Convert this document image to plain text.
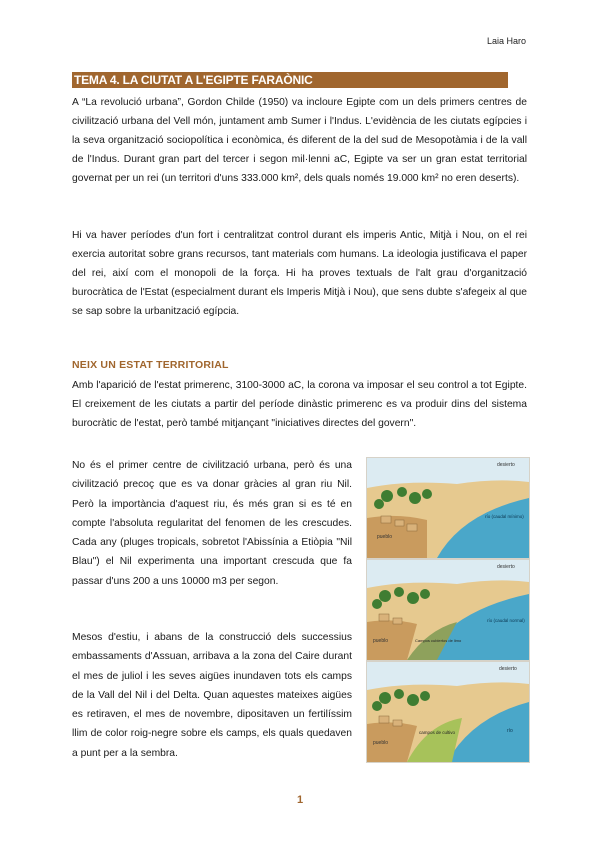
Laia Haro
TEMA 4. LA CIUTAT A L'EGIPTE FARAÒNIC

A “La revolució urbana”, Gordon Childe (1950) va incloure Egipte com un dels primers centres de civilització urbana del Vell món, juntament amb Sumer i l'Indus. L'evidència de les ciutats egípcies i la seva organització sociopolítica i econòmica, és diferent de la del sud de Mesopotàmia i de la vall de l'Indus. Durant gran part del tercer i segon mil·lenni aC, Egipte va ser un gran estat territorial governat per un rei (un territori d'uns 333.000 km², dels quals només 19.000 km² no eren deserts).

Hi va haver períodes d'un fort i centralitzat control durant els imperis Antic, Mitjà i Nou, on el rei exercia autoritat sobre grans recursos, tant materials com humans. La ideologia justificava el paper del rei, així com el monopoli de la força. Hi ha proves textuals de l'alt grau d'organització burocràtica de l'Estat (especialment durant els Imperis Mitjà i Nou), que sens dubte s'afegeix al que se sap sobre la urbanització egípcia.

NEIX UN ESTAT TERRITORIAL

Amb l'aparició de l'estat primerenc, 3100-3000 aC, la corona va imposar el seu control a tot Egipte. El creixement de les ciutats a partir del període dinàstic primerenc es va produir dins del sistema burocràtic de l'estat, però també mitjançant "iniciatives directes del govern".

No és el primer centre de civilització urbana, però és una civilització precoç que es va donar gràcies al gran riu Nil. Però la importància d'aquest riu, és més gran si es té en compte l'absoluta regularitat del fenomen de les crescudes. Cada any (pluges tropicals, sobretot l'Abissínia a Etiòpia "Nil Blau") el Nil experimenta una important crescuda que fa passar d'uns 200 a uns 10000 m3 per segon.

Mesos d'estiu, i abans de la construcció dels successius embassaments d'Assuan, arribava a la zona del Caire durant el mes de juliol i les seves aigües inundaven tots els camps de la Vall del Nil i del Delta. Quan aquestes mateixes aigües es retiraven, el mes de novembre, dipositaven un fertilíssim llim de color roig-negre sobre els camps, els quals quedaven a punt per a la sembra.

desierto
pueblo
río (caudal mínimo)
desierto
pueblo
río (caudal normal)
Campos cubiertos de limo
desierto
pueblo
río
campos de cultivo
1
